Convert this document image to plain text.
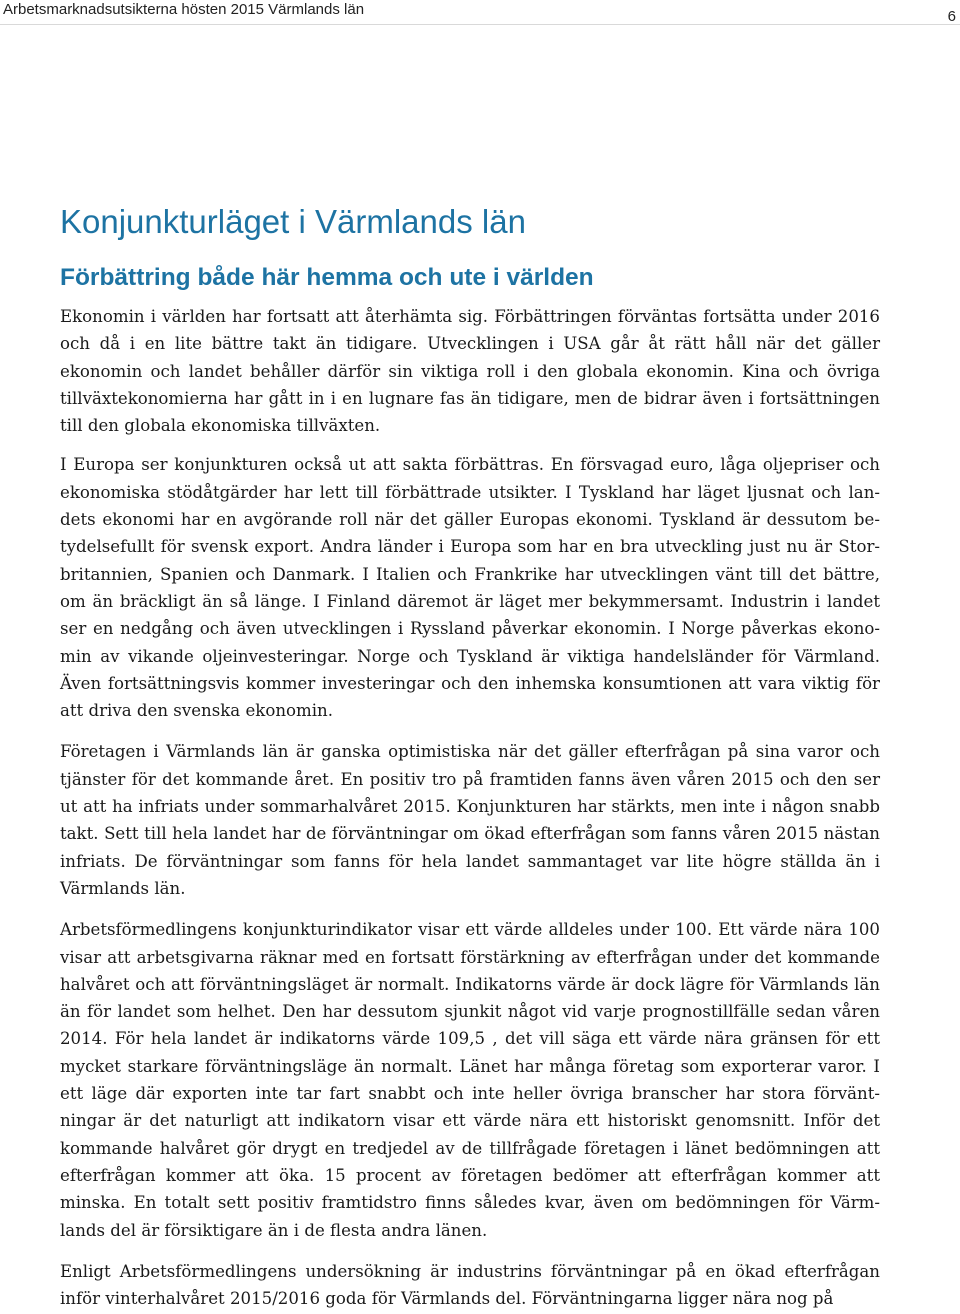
Arbetsmarknadsutsikterna hösten 2015 Värmlands län	6
Konjunkturläget i Värmlands län
Förbättring både här hemma och ute i världen

Ekonomin i världen har fortsatt att återhämta sig. Förbättringen förväntas fortsätta under 2016 och då i en lite bättre takt än tidigare. Utvecklingen i USA går åt rätt håll när det gäller ekonomin och landet behåller därför sin viktiga roll i den globala ekonomin. Kina och övriga tillväxtekonomierna har gått in i en lugnare fas än tidigare, men de bidrar även i fortsättningen till den globala ekonomiska tillväxten.

I Europa ser konjunkturen också ut att sakta förbättras. En försvagad euro, låga oljepriser och ekonomiska stödåtgärder har lett till förbättrade utsikter. I Tyskland har läget ljusnat och landets ekonomi har en avgörande roll när det gäller Europas ekonomi. Tyskland är dessutom betydelsefullt för svensk export. Andra länder i Europa som har en bra utveckling just nu är Storbritannien, Spanien och Danmark. I Italien och Frankrike har utvecklingen vänt till det bättre, om än bräckligt än så länge. I Finland däremot är läget mer bekymmersamt. Industrin i landet ser en nedgång och även utvecklingen i Ryssland påverkar ekonomin. I Norge påverkas ekonomin av vikande oljeinvesteringar. Norge och Tyskland är viktiga handelsländer för Värmland. Även fortsättningsvis kommer investeringar och den inhemska konsumtionen att vara viktig för att driva den svenska ekonomin.

Företagen i Värmlands län är ganska optimistiska när det gäller efterfrågan på sina varor och tjänster för det kommande året. En positiv tro på framtiden fanns även våren 2015 och den ser ut att ha infriats under sommarhalvåret 2015. Konjunkturen har stärkts, men inte i någon snabb takt. Sett till hela landet har de förväntningar om ökad efterfrågan som fanns våren 2015 nästan infriats. De förväntningar som fanns för hela landet sammantaget var lite högre ställda än i Värmlands län.

Arbetsförmedlingens konjunkturindikator visar ett värde alldeles under 100. Ett värde nära 100 visar att arbetsgivarna räknar med en fortsatt förstärkning av efterfrågan under det kommande halvåret och att förväntningsläget är normalt. Indikatorns värde är dock lägre för Värmlands län än för landet som helhet. Den har dessutom sjunkit något vid varje prognostillfälle sedan våren 2014. För hela landet är indikatorns värde 109,5 , det vill säga ett värde nära gränsen för ett mycket starkare förväntningsläge än normalt. Länet har många företag som exporterar varor. I ett läge där exporten inte tar fart snabbt och inte heller övriga branscher har stora förväntningar är det naturligt att indikatorn visar ett värde nära ett historiskt genomsnitt. Inför det kommande halvåret gör drygt en tredjedel av de tillfrågade företagen i länet bedömningen att efterfrågan kommer att öka. 15 procent av företagen bedömer att efterfrågan kommer att minska. En totalt sett positiv framtidstro finns således kvar, även om bedömningen för Värmlands del är försiktigare än i de flesta andra länen.

Enligt Arbetsförmedlingens undersökning är industrins förväntningar på en ökad efterfrågan inför vinterhalvåret 2015/2016 goda för Värmlands del. Förväntningarna ligger nära nog på
